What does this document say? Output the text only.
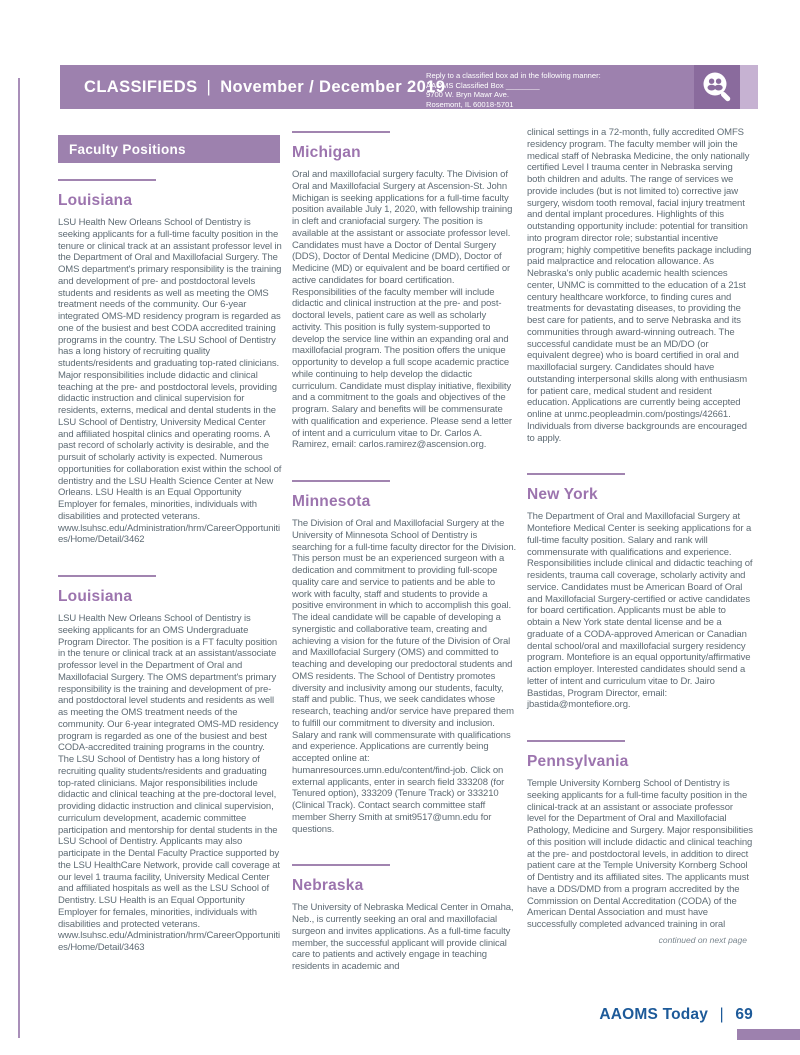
CLASSIFIEDS | November / December 2019
Reply to a classified box ad in the following manner:
AAOMS Classified Box ________
9700 W. Bryn Mawr Ave.
Rosemont, IL 60018-5701
Faculty Positions
Louisiana

LSU Health New Orleans School of Dentistry is seeking applicants for a full-time faculty position in the tenure or clinical track at an assistant professor level in the Department of Oral and Maxillofacial Surgery. The OMS department's primary responsibility is the training and development of pre- and postdoctoral levels students and residents as well as meeting the OMS treatment needs of the community. Our 6-year integrated OMS-MD residency program is regarded as one of the busiest and best CODA accredited training programs in the country. The LSU School of Dentistry has a long history of recruiting quality students/residents and graduating top-rated clinicians. Major responsibilities include didactic and clinical teaching at the pre- and postdoctoral levels, providing didactic instruction and clinical supervision for residents, externs, medical and dental students in the LSU School of Dentistry, University Medical Center and affiliated hospital clinics and operating rooms. A past record of scholarly activity is desirable, and the pursuit of scholarly activity is expected. Numerous opportunities for collaboration exist within the school of dentistry and the LSU Health Science Center at New Orleans. LSU Health is an Equal Opportunity Employer for females, minorities, individuals with disabilities and protected veterans. www.lsuhsc.edu/Administration/hrm/CareerOpportunities/Home/Detail/3462

Louisiana

LSU Health New Orleans School of Dentistry is seeking applicants for an OMS Undergraduate Program Director. The position is a FT faculty position in the tenure or clinical track at an assistant/associate professor level in the Department of Oral and Maxillofacial Surgery. The OMS department's primary responsibility is the training and development of pre- and postdoctoral level students and residents as well as meeting the OMS treatment needs of the community. Our 6-year integrated OMS-MD residency program is regarded as one of the busiest and best CODA-accredited training programs in the country. The LSU School of Dentistry has a long history of recruiting quality students/residents and graduating top-rated clinicians. Major responsibilities include didactic and clinical teaching at the pre-doctoral level, providing didactic instruction and clinical supervision, curriculum development, academic committee participation and mentorship for dental students in the LSU School of Dentistry. Applicants may also participate in the Dental Faculty Practice supported by the LSU HealthCare Network, provide call coverage at our level 1 trauma facility, University Medical Center and affiliated hospitals as well as the LSU School of Dentistry. LSU Health is an Equal Opportunity Employer for females, minorities, individuals with disabilities and protected veterans. www.lsuhsc.edu/Administration/hrm/CareerOpportunities/Home/Detail/3463

Michigan

Oral and maxillofacial surgery faculty. The Division of Oral and Maxillofacial Surgery at Ascension-St. John Michigan is seeking applications for a full-time faculty position available July 1, 2020, with fellowship training in cleft and craniofacial surgery. The position is available at the assistant or associate professor level. Candidates must have a Doctor of Dental Surgery (DDS), Doctor of Dental Medicine (DMD), Doctor of Medicine (MD) or equivalent and be board certified or active candidates for board certification. Responsibilities of the faculty member will include didactic and clinical instruction at the pre- and post-doctoral levels, patient care as well as scholarly activity. This position is fully system-supported to develop the service line within an expanding oral and maxillofacial program. The position offers the unique opportunity to develop a full scope academic practice while continuing to help develop the didactic curriculum. Candidate must display initiative, flexibility and a commitment to the goals and objectives of the program. Salary and benefits will be commensurate with qualification and experience. Please send a letter of intent and a curriculum vitae to Dr. Carlos A. Ramirez, email: carlos.ramirez@ascension.org.

Minnesota

The Division of Oral and Maxillofacial Surgery at the University of Minnesota School of Dentistry is searching for a full-time faculty director for the Division. This person must be an experienced surgeon with a dedication and commitment to providing full-scope quality care and service to patients and be able to work with faculty, staff and students to provide a positive environment in which to accomplish this goal. The ideal candidate will be capable of developing a synergistic and collaborative team, creating and achieving a vision for the future of the Division of Oral and Maxillofacial Surgery (OMS) and committed to teaching and developing our predoctoral students and OMS residents. The School of Dentistry promotes diversity and inclusivity among our students, faculty, staff and public. Thus, we seek candidates whose research, teaching and/or service have prepared them to fulfill our commitment to diversity and inclusion. Salary and rank will commensurate with qualifications and experience. Applications are currently being accepted online at: humanresources.umn.edu/content/find-job. Click on external applicants, enter in search field 333208 (for Tenured option), 333209 (Tenure Track) or 333210 (Clinical Track). Contact search committee staff member Sherry Smith at smit9517@umn.edu for questions.

Nebraska

The University of Nebraska Medical Center in Omaha, Neb., is currently seeking an oral and maxillofacial surgeon and invites applications. As a full-time faculty member, the successful applicant will provide clinical care to patients and actively engage in teaching residents in academic and

clinical settings in a 72-month, fully accredited OMFS residency program. The faculty member will join the medical staff of Nebraska Medicine, the only nationally certified Level I trauma center in Nebraska serving both children and adults. The range of services we provide includes (but is not limited to) corrective jaw surgery, wisdom tooth removal, facial injury treatment and dental implant procedures. Highlights of this outstanding opportunity include: potential for transition into program director role; substantial incentive program; highly competitive benefits package including paid malpractice and relocation allowance. As Nebraska's only public academic health sciences center, UNMC is committed to the education of a 21st century healthcare workforce, to finding cures and treatments for devastating diseases, to providing the best care for patients, and to serve Nebraska and its communities through award-winning outreach. The successful candidate must be an MD/DO (or equivalent degree) who is board certified in oral and maxillofacial surgery. Candidates should have outstanding interpersonal skills along with enthusiasm for patient care, medical student and resident education. Applications are currently being accepted online at unmc.peopleadmin.com/postings/42661. Individuals from diverse backgrounds are encouraged to apply.

New York

The Department of Oral and Maxillofacial Surgery at Montefiore Medical Center is seeking applications for a full-time faculty position. Salary and rank will commensurate with qualifications and experience. Responsibilities include clinical and didactic teaching of residents, trauma call coverage, scholarly activity and service. Candidates must be American Board of Oral and Maxillofacial Surgery-certified or active candidates for board certification. Applicants must be able to obtain a New York state dental license and be a graduate of a CODA-approved American or Canadian dental school/oral and maxillofacial surgery residency program. Montefiore is an equal opportunity/affirmative action employer. Interested candidates should send a letter of intent and curriculum vitae to Dr. Jairo Bastidas, Program Director, email: jbastida@montefiore.org.

Pennsylvania

Temple University Kornberg School of Dentistry is seeking applicants for a full-time faculty position in the clinical-track at an assistant or associate professor level for the Department of Oral and Maxillofacial Pathology, Medicine and Surgery. Major responsibilities of this position will include didactic and clinical teaching at the pre- and postdoctoral levels, in addition to direct patient care at the Temple University Kornberg School of Dentistry and its affiliated sites. The applicants must have a DDS/DMD from a program accredited by the Commission on Dental Accreditation (CODA) of the American Dental Association and must have successfully completed advanced training in oral

continued on next page
AAOMS Today | 69
